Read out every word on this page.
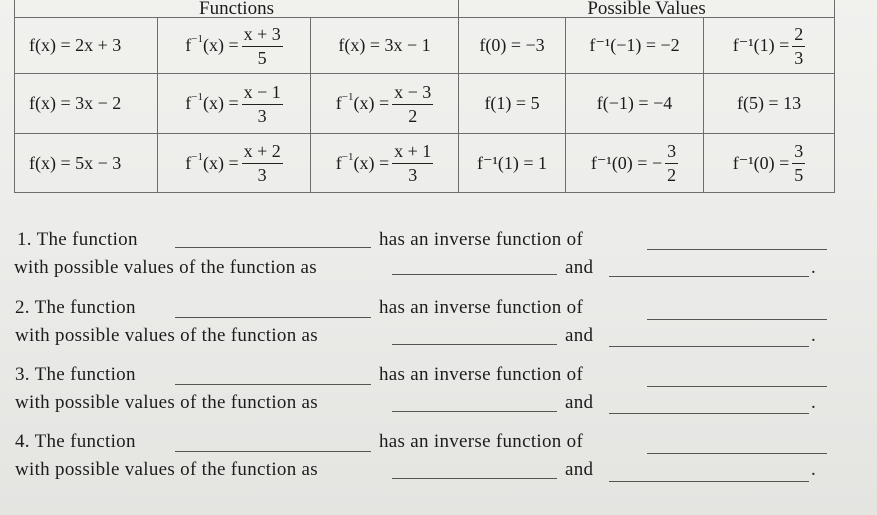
Functions			Possible Values		
f(x) = 2x + 3	$f^{-1}(x) = \frac{x + 3}{5}$	f(x) = 3x − 1	f(0) = −3	f⁻¹(−1) = −2	$f^{-1}(1) = \frac{2}{3}$

f(x) = 3x − 2	$f^{-1}(x) = \frac{x - 1}{3}$	$f^{-1}(x) = \frac{x - 3}{2}$	f(1) = 5	f(−1) = −4	f(5) = 13
f(x) = 5x − 3	$f^{-1}(x) = \frac{x + 2}{3}$	$f^{-1}(x) = \frac{x + 1}{3}$	f⁻¹(1) = 1	f⁻¹(0) = − $\frac{3}{2}$	$f^{-1}(0) = \frac{3}{5}$
1. The function	has an inverse function of
with possible values of the function as	and	.
2. The function	has an inverse function of
with possible values of the function as	and	.
3. The function	has an inverse function of
with possible values of the function as	and	.
4. The function	has an inverse function of
with possible values of the function as	and	.
